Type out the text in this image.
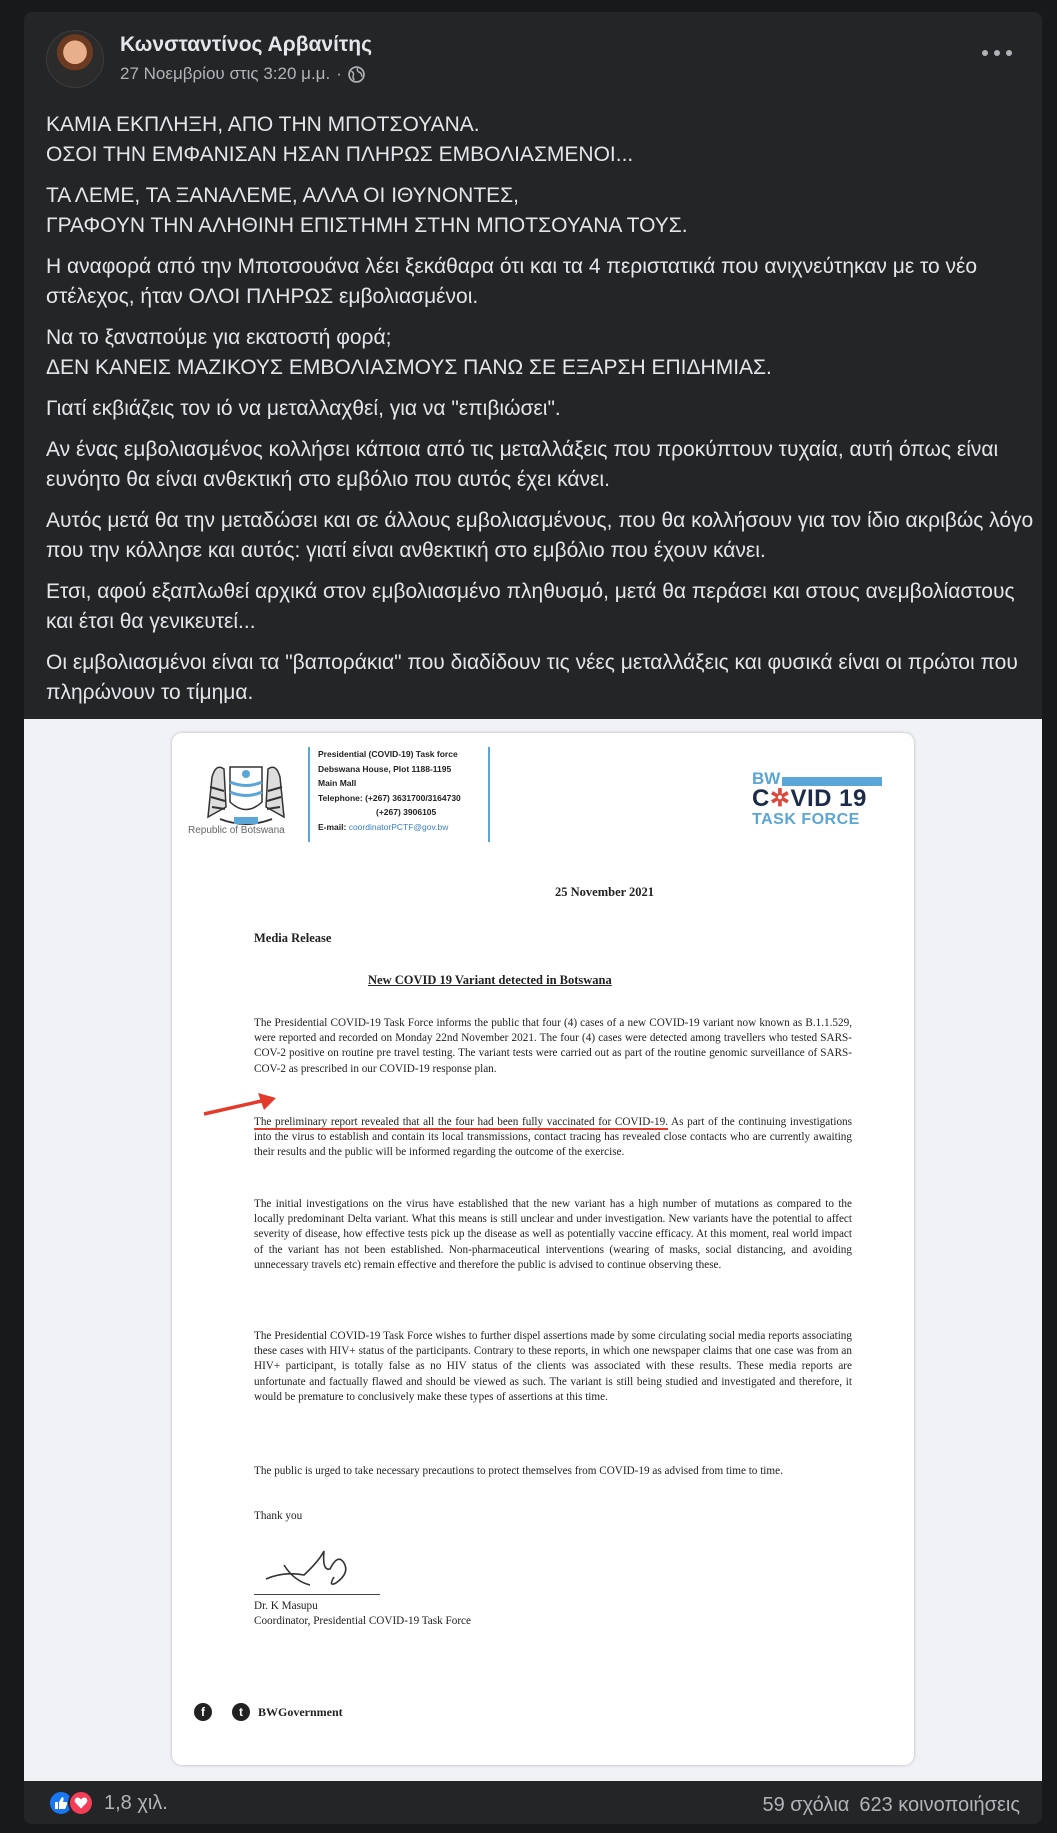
Κωνσταντίνος Αρβανίτης
27 Νοεμβρίου στις 3:20 μ.μ. ·

ΚΑΜΙΑ ΕΚΠΛΗΞΗ, ΑΠΟ ΤΗΝ ΜΠΟΤΣΟΥΑΝΑ.
ΟΣΟΙ ΤΗΝ ΕΜΦΑΝΙΣΑΝ ΗΣΑΝ ΠΛΗΡΩΣ ΕΜΒΟΛΙΑΣΜΕΝΟΙ...

ΤΑ ΛΕΜΕ, ΤΑ ΞΑΝΑΛΕΜΕ, ΑΛΛΑ ΟΙ ΙΘΥΝΟΝΤΕΣ,
ΓΡΑΦΟΥΝ ΤΗΝ ΑΛΗΘΙΝΗ ΕΠΙΣΤΗΜΗ ΣΤΗΝ ΜΠΟΤΣΟΥΑΝΑ ΤΟΥΣ.

Η αναφορά από την Μποτσουάνα λέει ξεκάθαρα ότι και τα 4 περιστατικά που ανιχνεύτηκαν με το νέο στέλεχος, ήταν ΟΛΟΙ ΠΛΗΡΩΣ εμβολιασμένοι.

Να το ξαναπούμε για εκατοστή φορά;
ΔΕΝ ΚΑΝΕΙΣ ΜΑΖΙΚΟΥΣ ΕΜΒΟΛΙΑΣΜΟΥΣ ΠΑΝΩ ΣΕ ΕΞΑΡΣΗ ΕΠΙΔΗΜΙΑΣ.

Γιατί εκβιάζεις τον ιό να μεταλλαχθεί, για να "επιβιώσει".

Αν ένας εμβολιασμένος κολλήσει κάποια από τις μεταλλάξεις που προκύπτουν τυχαία, αυτή όπως είναι ευνόητο θα είναι ανθεκτική στο εμβόλιο που αυτός έχει κάνει.

Αυτός μετά θα την μεταδώσει και σε άλλους εμβολιασμένους, που θα κολλήσουν για τον ίδιο ακριβώς λόγο που την κόλλησε και αυτός: γιατί είναι ανθεκτική στο εμβόλιο που έχουν κάνει.

Ετσι, αφού εξαπλωθεί αρχικά στον εμβολιασμένο πληθυσμό, μετά θα περάσει και στους ανεμβολίαστους και έτσι θα γενικευτεί...

Οι εμβολιασμένοι είναι τα "βαποράκια" που διαδίδουν τις νέες μεταλλάξεις και φυσικά είναι οι πρώτοι που πληρώνουν το τίμημα.

Republic of Botswana
Presidential (COVID-19) Task force
Debswana House, Plot 1188-1195
Main Mall
Telephone: (+267) 3631700/3164730
(+267) 3906105
E-mail: coordinatorPCTF@gov.bw
BW
C✲VID 19
TASK FORCE
25 November 2021
Media Release
New COVID 19 Variant detected in Botswana
The Presidential COVID-19 Task Force informs the public that four (4) cases of a new COVID-19 variant now known as B.1.1.529, were reported and recorded on Monday 22nd November 2021. The four (4) cases were detected among travellers who tested SARS-COV-2 positive on routine pre travel testing. The variant tests were carried out as part of the routine genomic surveillance of SARS-COV-2 as prescribed in our COVID-19 response plan.
The preliminary report revealed that all the four had been fully vaccinated for COVID-19. As part of the continuing investigations into the virus to establish and contain its local transmissions, contact tracing has revealed close contacts who are currently awaiting their results and the public will be informed regarding the outcome of the exercise.
The initial investigations on the virus have established that the new variant has a high number of mutations as compared to the locally predominant Delta variant. What this means is still unclear and under investigation. New variants have the potential to affect severity of disease, how effective tests pick up the disease as well as potentially vaccine efficacy. At this moment, real world impact of the variant has not been established. Non-pharmaceutical interventions (wearing of masks, social distancing, and avoiding unnecessary travels etc) remain effective and therefore the public is advised to continue observing these.
The Presidential COVID-19 Task Force wishes to further dispel assertions made by some circulating social media reports associating these cases with HIV+ status of the participants. Contrary to these reports, in which one newspaper claims that one case was from an HIV+ participant, is totally false as no HIV status of the clients was associated with these results. These media reports are unfortunate and factually flawed and should be viewed as such. The variant is still being studied and investigated and therefore, it would be premature to conclusively make these types of assertions at this time.
The public is urged to take necessary precautions to protect themselves from COVID-19 as advised from time to time.
Thank you
Dr. K Masupu
Coordinator, Presidential COVID-19 Task Force
f	t	BWGovernment
1,8 χιλ.	59 σχόλια 623 κοινοποιήσεις
